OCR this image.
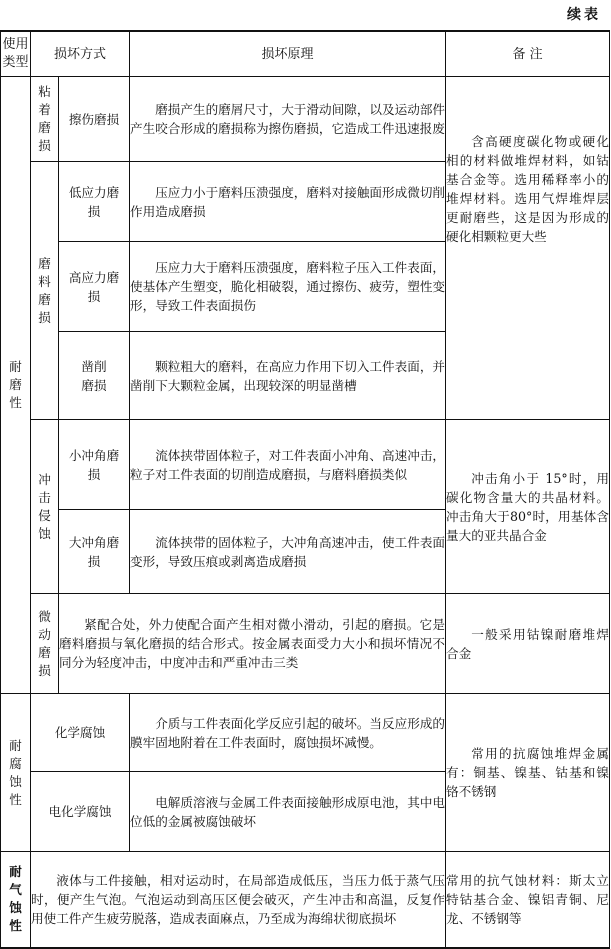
续表
使用类型	损坏方式		损坏原理	备 注

耐磨性	粘着磨损	擦伤磨损	磨损产生的磨屑尺寸，大于滑动间隙，以及运动部件产生咬合形成的磨损称为擦伤磨损，它造成工件迅速报废	含高硬度碳化物或硬化相的材料做堆焊材料，如钴基合金等。选用稀释率小的堆焊材料。选用气焊堆焊层更耐磨些，这是因为形成的硬化相颗粒更大些

	磨料磨损	低应力磨损	压应力小于磨料压溃强度，磨料对接触面形成微切削作用造成磨损	

		高应力磨损	压应力大于磨料压溃强度，磨料粒子压入工件表面，使基体产生塑变，脆化相破裂，通过擦伤、疲劳，塑性变形，导致工件表面损伤	

		凿削磨损	颗粒粗大的磨料，在高应力作用下切入工件表面，并凿削下大颗粒金属，出现较深的明显凿槽	

	冲击侵蚀	小冲角磨损	流体挟带固体粒子，对工件表面小冲角、高速冲击，粒子对工件表面的切削造成磨损，与磨料磨损类似	冲击角小于 15°时，用碳化物含量大的共晶材料。冲击角大于80°时，用基体含量大的亚共晶合金

		大冲角磨损	流体挟带的固体粒子，大冲角高速冲击，使工件表面变形，导致压痕或剥离造成磨损	

	微动磨损	紧配合处，外力使配合面产生相对微小滑动，引起的磨损。它是磨料磨损与氧化磨损的结合形式。按金属表面受力大小和损坏情况不同分为轻度冲击，中度冲击和严重冲击三类		一般采用钴镍耐磨堆焊合金

耐腐蚀性	化学腐蚀		介质与工件表面化学反应引起的破坏。当反应形成的膜牢固地附着在工件表面时，腐蚀损坏减慢。	常用的抗腐蚀堆焊金属有：铜基、镍基、钴基和镍铬不锈钢
	电化学腐蚀		电解质溶液与金属工件表面接触形成原电池，其中电位低的金属被腐蚀破坏	

耐气蚀性	液体与工件接触，相对运动时，在局部造成低压，当压力低于蒸气压时，便产生气泡。气泡运动到高压区便会破灭，产生冲击和高温，反复作用使工件产生疲劳脱落，造成表面麻点，乃至成为海绵状彻底损坏			常用的抗气蚀材料：斯太立特钴基合金、镍铝青铜、尼龙、不锈钢等
